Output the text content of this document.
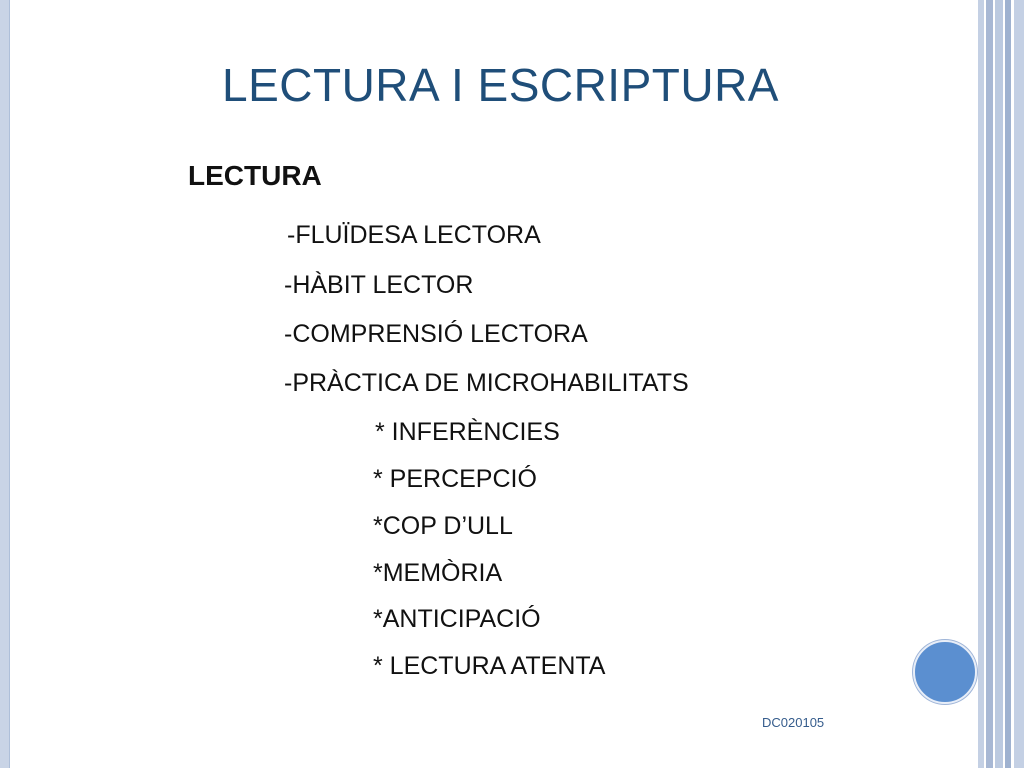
LECTURA I ESCRIPTURA
LECTURA
-FLUÏDESA LECTORA
-HÀBIT LECTOR
-COMPRENSIÓ LECTORA
-PRÀCTICA DE MICROHABILITATS
* INFERÈNCIES
* PERCEPCIÓ
*COP D’ULL
*MEMÒRIA
*ANTICIPACIÓ
* LECTURA ATENTA
DC020105
